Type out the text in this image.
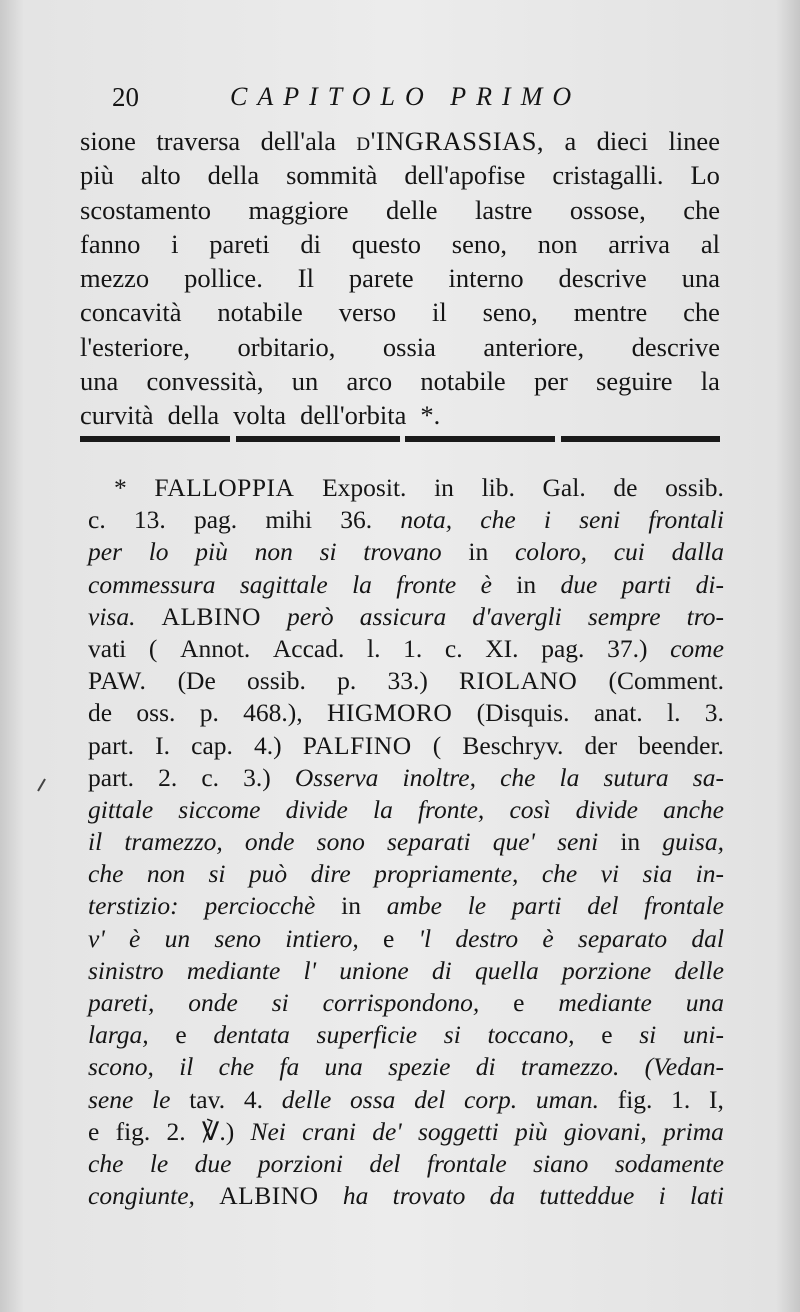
20	CAPITOLO PRIMO
sione traversa dell'ala d'INGRASSIAS, a dieci linee
più alto della sommità dell'apofise cristagalli. Lo
scostamento maggiore delle lastre ossose, che
fanno i pareti di questo seno, non arriva al
mezzo pollice. Il parete interno descrive una
concavità notabile verso il seno, mentre che
l'esteriore, orbitario, ossia anteriore, descrive
una convessità, un arco notabile per seguire la
curvità della volta dell'orbita *.
* FALLOPPIA Exposit. in lib. Gal. de ossib.
c. 13. pag. mihi 36. nota, che i seni frontali
per lo più non si trovano in coloro, cui dalla
commessura sagittale la fronte è in due parti di-
visa. ALBINO però assicura d'avergli sempre tro-
vati ( Annot. Accad. l. 1. c. XI. pag. 37.) come
PAW. (De ossib. p. 33.) RIOLANO (Comment.
de oss. p. 468.), HIGMORO (Disquis. anat. l. 3.
part. I. cap. 4.) PALFINO ( Beschryv. der beender.
part. 2. c. 3.) Osserva inoltre, che la sutura sa-
gittale siccome divide la fronte, così divide anche
il tramezzo, onde sono separati que' seni in guisa,
che non si può dire propriamente, che vi sia in-
terstizio: perciocchè in ambe le parti del frontale
v' è un seno intiero, e 'l destro è separato dal
sinistro mediante l' unione di quella porzione delle
pareti, onde si corrispondono, e mediante una
larga, e dentata superficie si toccano, e si uni-
scono, il che fa una spezie di tramezzo. (Vedan-
sene le tav. 4. delle ossa del corp. uman. fig. 1. I,
e fig. 2. ℣.) Nei crani de' soggetti più giovani, prima
che le due porzioni del frontale siano sodamente
congiunte, ALBINO ha trovato da tutteddue i lati
